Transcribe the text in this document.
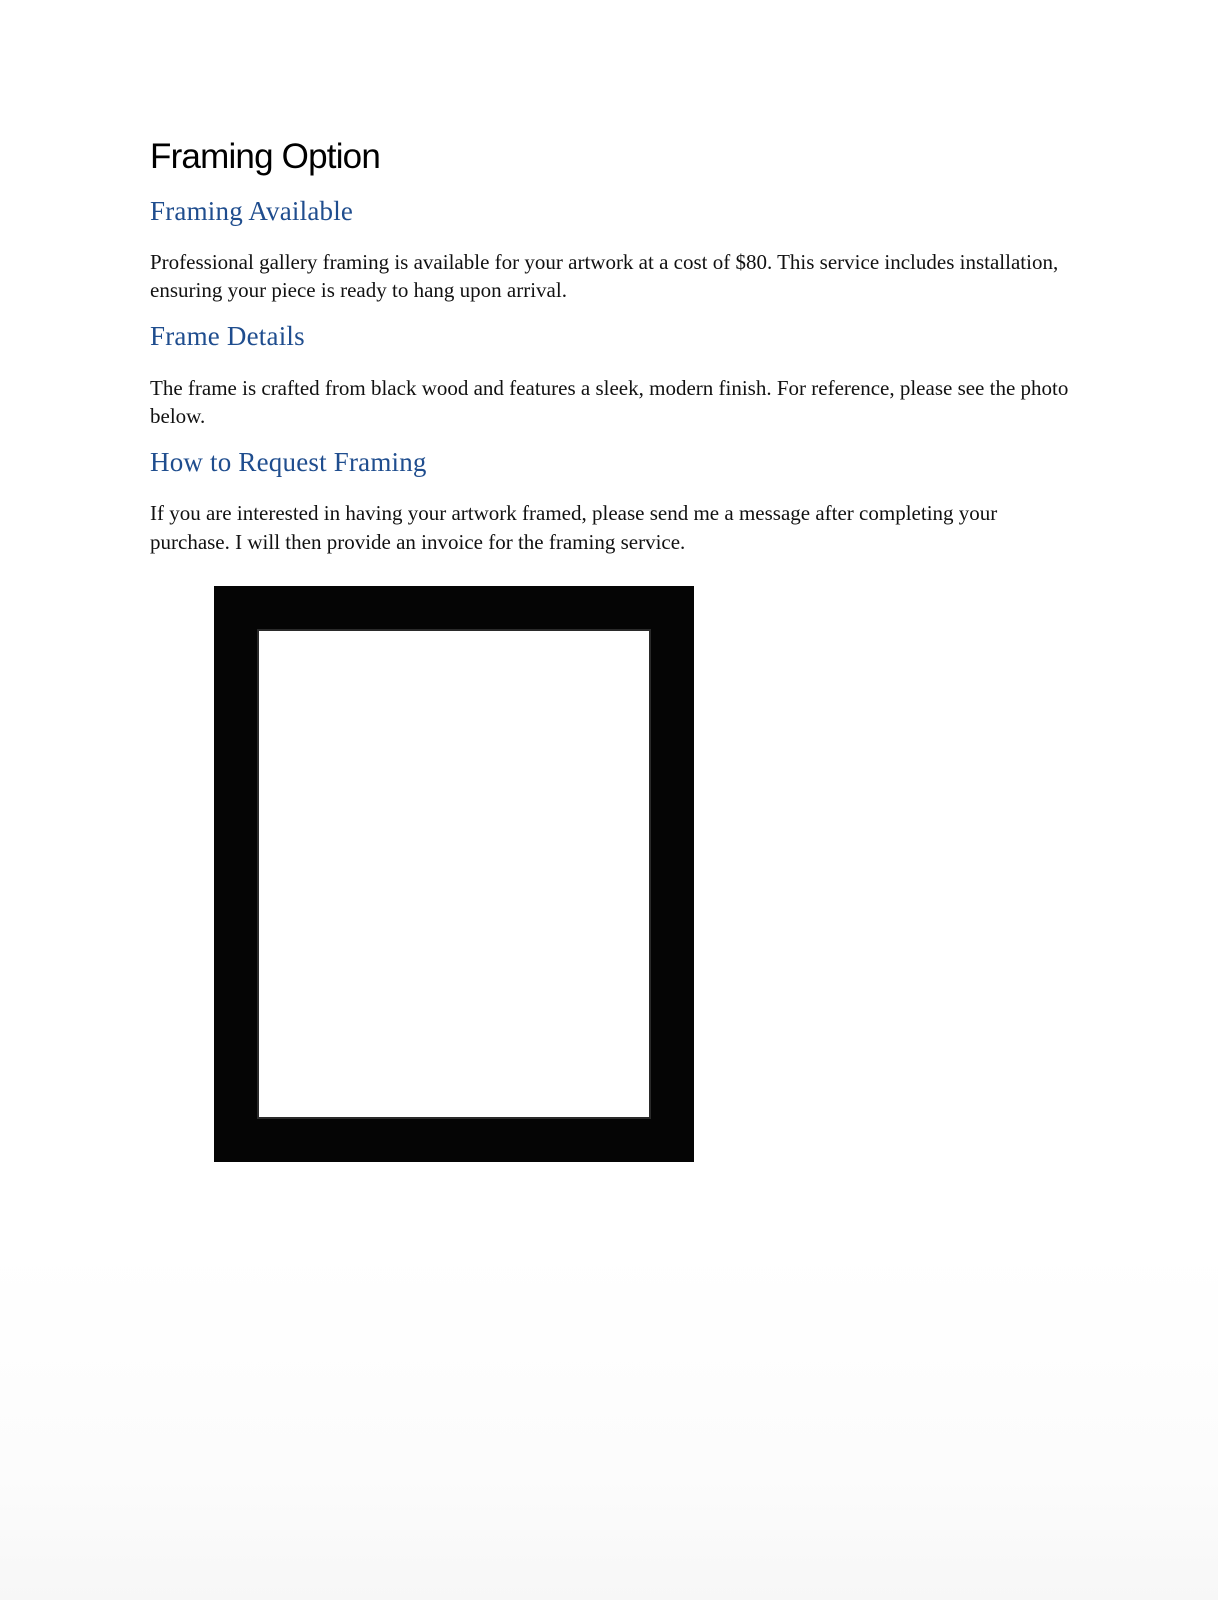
Framing Option
Framing Available

Professional gallery framing is available for your artwork at a cost of $80. This service includes installation, ensuring your piece is ready to hang upon arrival.

Frame Details

The frame is crafted from black wood and features a sleek, modern finish. For reference, please see the photo below.

How to Request Framing

If you are interested in having your artwork framed, please send me a message after completing your purchase. I will then provide an invoice for the framing service.
